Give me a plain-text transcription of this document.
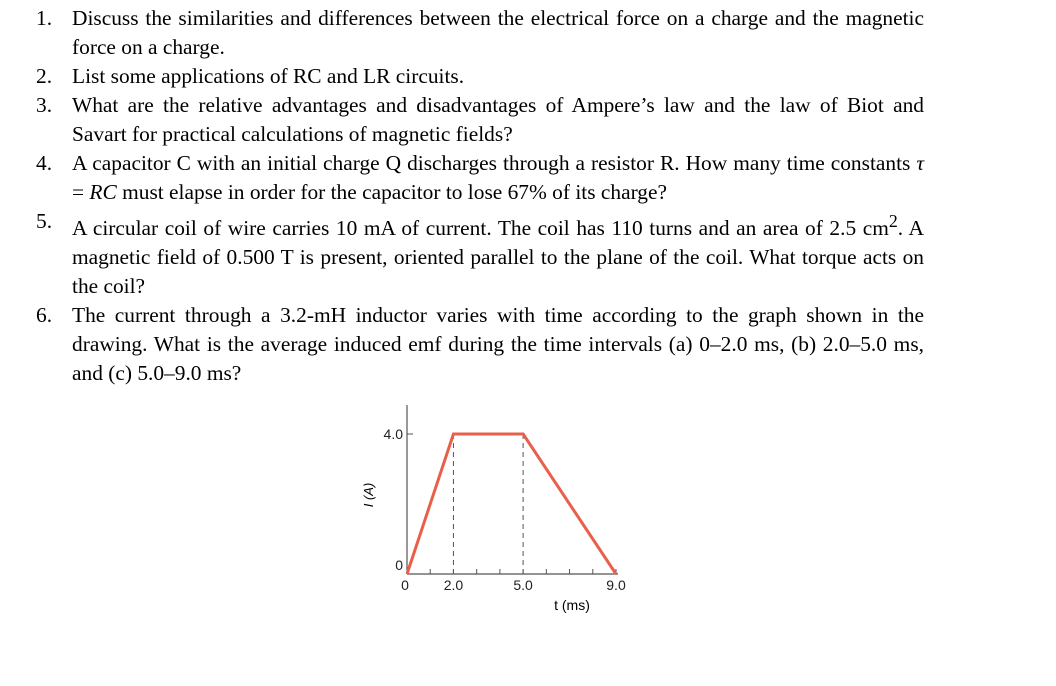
1. Discuss the similarities and differences between the electrical force on a charge and the magnetic force on a charge.
2. List some applications of RC and LR circuits.
3. What are the relative advantages and disadvantages of Ampere’s law and the law of Biot and Savart for practical calculations of magnetic fields?
4. A capacitor C with an initial charge Q discharges through a resistor R. How many time constants τ = RC must elapse in order for the capacitor to lose 67% of its charge?
5. A circular coil of wire carries 10 mA of current. The coil has 110 turns and an area of 2.5 $cm^2$. A magnetic field of 0.500 T is present, oriented parallel to the plane of the coil. What torque acts on the coil?
6. The current through a 3.2-mH inductor varies with time according to the graph shown in the drawing. What is the average induced emf during the time intervals (a) 0–2.0 ms, (b) 2.0–5.0 ms, and (c) 5.0–9.0 ms?
0 2.0	5.0	9.0
0
4.0
I (A)
t (ms)
